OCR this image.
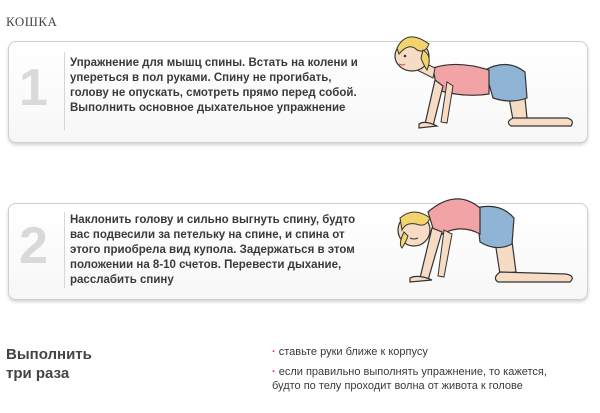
КОШКА
1 Упражнение для мышц спины. Встать на колени и упереться в пол руками. Спину не прогибать, голову не опускать, смотреть прямо перед собой. Выполнить основное дыхательное упражнение
2 Наклонить голову и сильно выгнуть спину, будто вас подвесили за петельку на спине, и спина от этого приобрела вид купола. Задержаться в этом положении на 8-10 счетов. Перевести дыхание, расслабить спину
Выполнить
три раза
· ставьте руки ближе к корпусу
· если правильно выполнять упражнение, то кажется,
будто по телу проходит волна от живота к голове
